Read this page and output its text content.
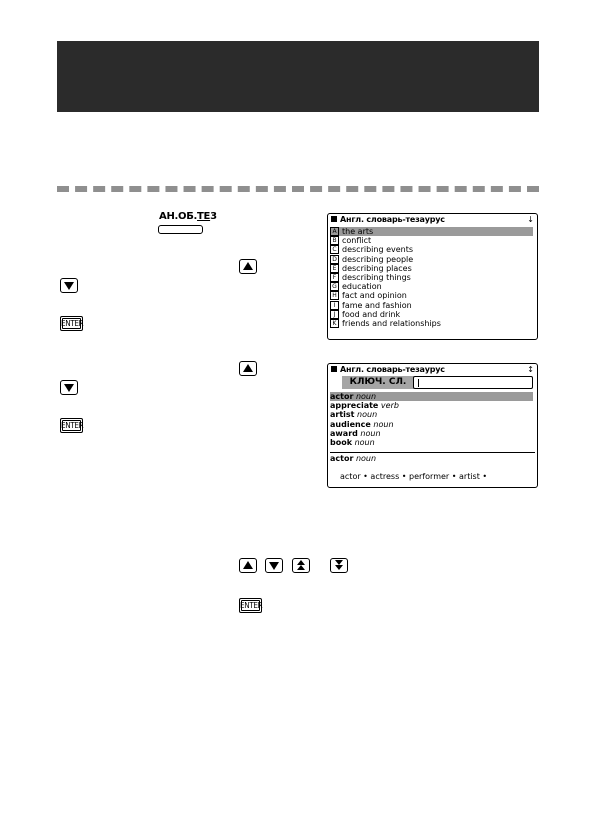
АН.ОБ.ТЕ3
ENTER
ENTER
ENTER
Англ. словарь-тезаурус	↓
A the arts
B conflict
C describing events
D describing people
E describing places
F describing things
G education
H fact and opinion
I fame and fashion
J food and drink
K friends and relationships
Англ. словарь-тезаурус	↕
КЛЮЧ. СЛ.
actor noun
appreciate verb
artist noun
audience noun
award noun
book noun
actor noun
actor • actress • performer • artist •
